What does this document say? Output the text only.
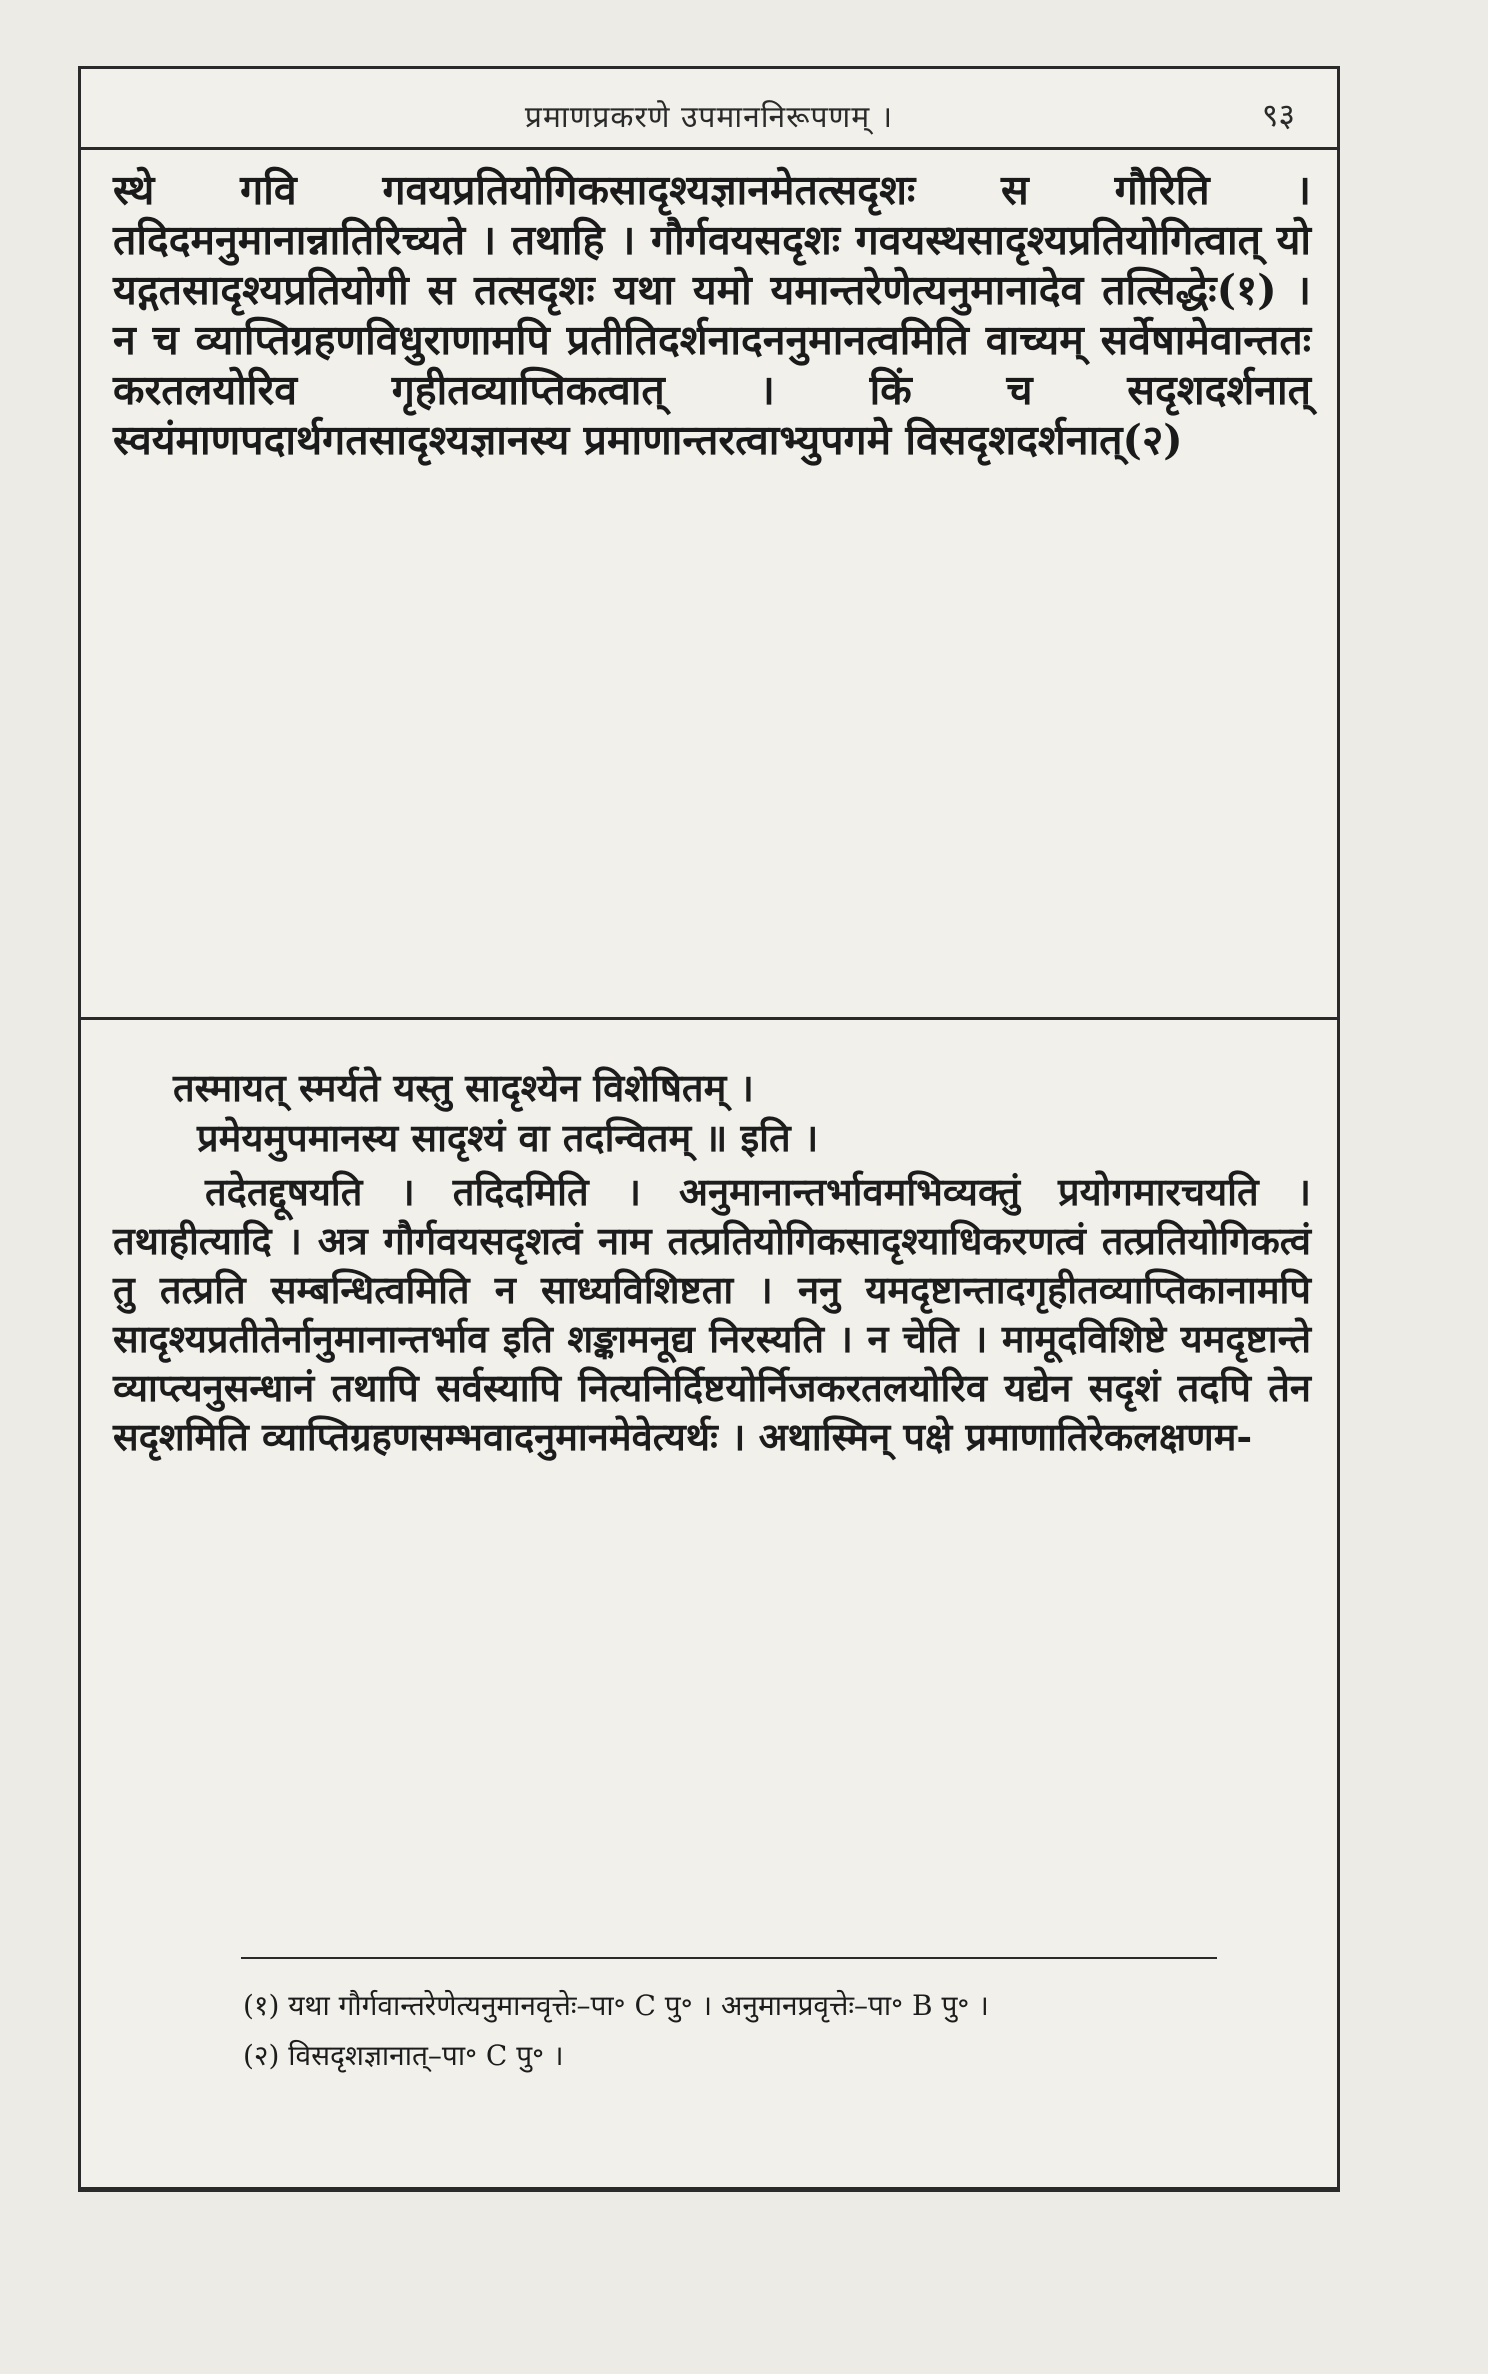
प्रमाणप्रकरणे उपमाननिरूपणम् ।	९३

स्थे गवि गवयप्रतियोगिकसादृश्यज्ञानमेतत्सदृशः स गौरिति । तदिदमनुमानान्नातिरिच्यते । तथाहि । गौर्गवयसदृशः गवयस्थसादृश्यप्रतियोगित्वात् यो यद्गतसादृश्यप्रतियोगी स तत्सदृशः यथा यमो यमान्तरेणेत्यनुमानादेव तत्सिद्धेः(१) । न च व्याप्तिग्रहणविधुराणामपि प्रतीतिदर्शनादननुमानत्वमिति वाच्यम् सर्वेषामेवान्ततः करतलयोरिव गृहीतव्याप्तिकत्वात् । किं च सदृशदर्शनात् स्वयंमाणपदार्थगतसादृश्यज्ञानस्य प्रमाणान्तरत्वाभ्युपगमे विसदृशदर्शनात्(२)

तस्मायत् स्मर्यते यस्तु सादृश्येन विशेषितम् ।
प्रमेयमुपमानस्य सादृश्यं वा तदन्वितम् ॥ इति ।

तदेतद्दूषयति । तदिदमिति । अनुमानान्तर्भावमभिव्यक्तुं प्रयोगमारचयति । तथाहीत्यादि । अत्र गौर्गवयसदृशत्वं नाम तत्प्रतियोगिकसादृश्याधिकरणत्वं तत्प्रतियोगिकत्वं तु तत्प्रति सम्बन्धित्वमिति न साध्यविशिष्टता । ननु यमदृष्टान्तादगृहीतव्याप्तिकानामपि सादृश्यप्रतीतेर्नानुमानान्तर्भाव इति शङ्कामनूद्य निरस्यति । न चेति । मामूदविशिष्टे यमदृष्टान्ते व्याप्त्यनुसन्धानं तथापि सर्वस्यापि नित्यनिर्दिष्टयोर्निजकरतलयोरिव यद्येन सदृशं तदपि तेन सदृशमिति व्याप्तिग्रहणसम्भवादनुमानमेवेत्यर्थः । अथास्मिन् पक्षे प्रमाणातिरेकलक्षणम-

(१) यथा गौर्गवान्तरेणेत्यनुमानवृत्तेः–पा॰ C पु॰ । अनुमानप्रवृत्तेः–पा॰ B पु॰ ।

(२) विसदृशज्ञानात्–पा॰ C पु॰ ।
